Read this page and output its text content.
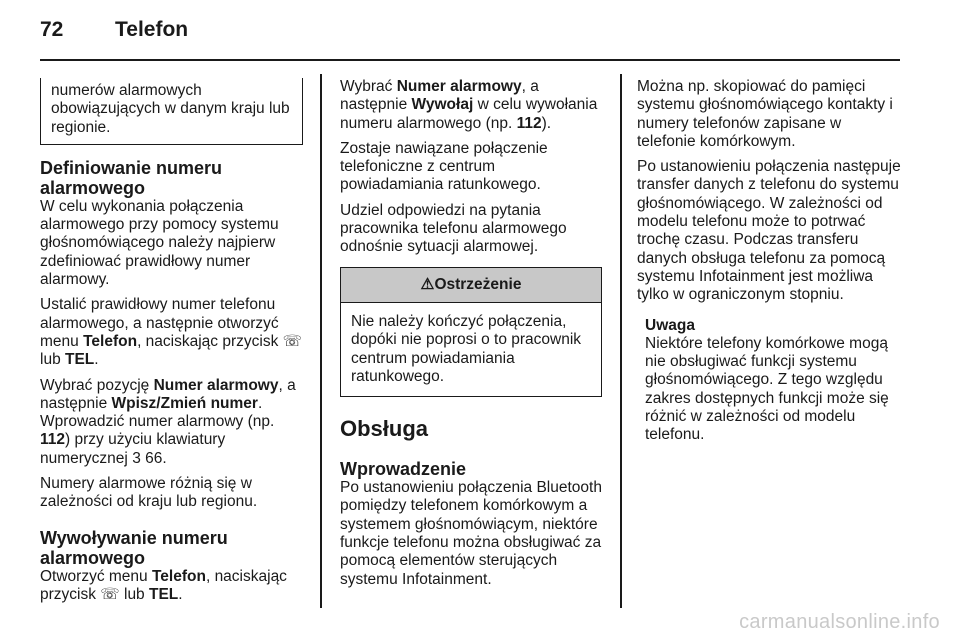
72 Telefon
numerów alarmowych obowiązujących w danym kraju lub regionie.
Definiowanie numeru alarmowego

W celu wykonania połączenia alarmowego przy pomocy systemu głośnomówiącego należy najpierw zdefiniować prawidłowy numer alarmowy.

Ustalić prawidłowy numer telefonu alarmowego, a następnie otworzyć menu Telefon, naciskając przycisk ☏ lub TEL.

Wybrać pozycję Numer alarmowy, a następnie Wpisz/Zmień numer. Wprowadzić numer alarmowy (np. 112) przy użyciu klawiatury numerycznej 3 66.

Numery alarmowe różnią się w zależności od kraju lub regionu.

Wywoływanie numeru alarmowego

Otworzyć menu Telefon, naciskając przycisk ☏ lub TEL.

Wybrać Numer alarmowy, a następnie Wywołaj w celu wywołania numeru alarmowego (np. 112).

Zostaje nawiązane połączenie telefoniczne z centrum powiadamiania ratunkowego.

Udziel odpowiedzi na pytania pracownika telefonu alarmowego odnośnie sytuacji alarmowej.

⚠Ostrzeżenie
Nie należy kończyć połączenia, dopóki nie poprosi o to pracownik centrum powiadamiania ratunkowego.
Obsługa
Wprowadzenie

Po ustanowieniu połączenia Bluetooth pomiędzy telefonem komórkowym a systemem głośnomówiącym, niektóre funkcje telefonu można obsługiwać za pomocą elementów sterujących systemu Infotainment.

Można np. skopiować do pamięci systemu głośnomówiącego kontakty i numery telefonów zapisane w telefonie komórkowym.

Po ustanowieniu połączenia następuje transfer danych z telefonu do systemu głośnomówiącego. W zależności od modelu telefonu może to potrwać trochę czasu. Podczas transferu danych obsługa telefonu za pomocą systemu Infotainment jest możliwa tylko w ograniczonym stopniu.

Uwaga
Niektóre telefony komórkowe mogą nie obsługiwać funkcji systemu głośnomówiącego. Z tego względu zakres dostępnych funkcji może się różnić w zależności od modelu telefonu.
carmanualsonline.info
